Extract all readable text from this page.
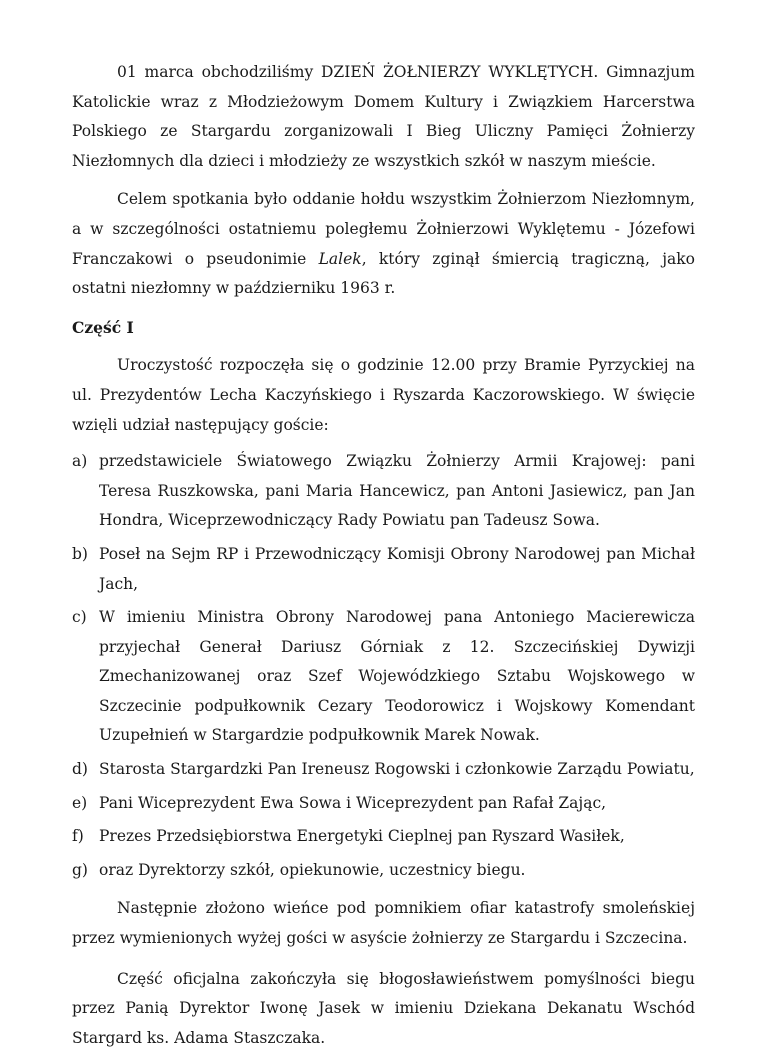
01 marca obchodziliśmy DZIEŃ ŻOŁNIERZY WYKLĘTYCH. Gimnazjum Katolickie wraz z Młodzieżowym Domem Kultury i Związkiem Harcerstwa Polskiego ze Stargardu zorganizowali I Bieg Uliczny Pamięci Żołnierzy Niezłomnych dla dzieci i młodzieży ze wszystkich szkół w naszym mieście.

Celem spotkania było oddanie hołdu wszystkim Żołnierzom Niezłomnym, a w szczególności ostatniemu poległemu Żołnierzowi Wyklętemu - Józefowi Franczakowi o pseudonimie Lalek, który zginął śmiercią tragiczną, jako ostatni niezłomny w październiku 1963 r.

Część I

Uroczystość rozpoczęła się o godzinie 12.00 przy Bramie Pyrzyckiej na ul. Prezydentów Lecha Kaczyńskiego i Ryszarda Kaczorowskiego. W święcie wzięli udział następujący goście:

a) przedstawiciele Światowego Związku Żołnierzy Armii Krajowej: pani Teresa Ruszkowska, pani Maria Hancewicz, pan Antoni Jasiewicz, pan Jan Hondra, Wiceprzewodniczący Rady Powiatu pan Tadeusz Sowa.
b) Poseł na Sejm RP i Przewodniczący Komisji Obrony Narodowej pan Michał Jach,
c) W imieniu Ministra Obrony Narodowej pana Antoniego Macierewicza przyjechał Generał Dariusz Górniak z 12. Szczecińskiej Dywizji Zmechanizowanej oraz Szef Wojewódzkiego Sztabu Wojskowego w Szczecinie podpułkownik Cezary Teodorowicz i Wojskowy Komendant Uzupełnień w Stargardzie podpułkownik Marek Nowak.
d) Starosta Stargardzki Pan Ireneusz Rogowski i członkowie Zarządu Powiatu,
e) Pani Wiceprezydent Ewa Sowa i Wiceprezydent pan Rafał Zając,
f) Prezes Przedsiębiorstwa Energetyki Cieplnej pan Ryszard Wasiłek,
g) oraz Dyrektorzy szkół, opiekunowie, uczestnicy biegu.

Następnie złożono wieńce pod pomnikiem ofiar katastrofy smoleńskiej przez wymienionych wyżej gości w asyście żołnierzy ze Stargardu i Szczecina.

Część oficjalna zakończyła się błogosławieństwem pomyślności biegu przez Panią Dyrektor Iwonę Jasek w imieniu Dziekana Dekanatu Wschód Stargard ks. Adama Staszczaka.
